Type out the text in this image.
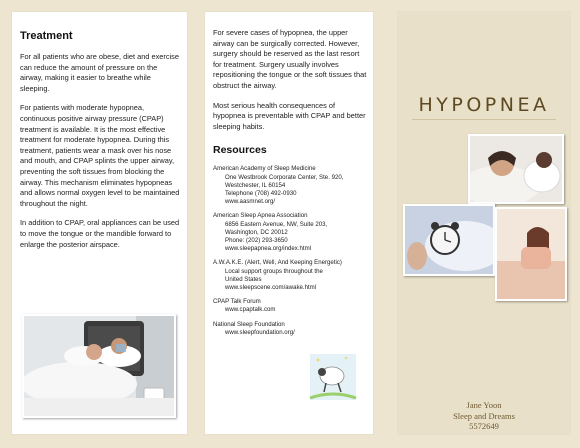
Treatment

For all patients who are obese, diet and exercise can reduce the amount of pressure on the airway, making it easier to breathe while sleeping.

For patients with moderate hypopnea, continuous positive airway pressure (CPAP) treatment is available. It is the most effective treatment for moderate hypopnea. During this treatment, patients wear a mask over his nose and mouth, and CPAP splints the upper airway, preventing the soft tissues from blocking the airway. This mechanism eliminates hypopneas and allows normal oxygen level to be maintained throughout the night.

In addition to CPAP, oral appliances can be used to move the tongue or the mandible forward to enlarge the posterior airspace.

For severe cases of hypopnea, the upper airway can be surgically corrected. However, surgery should be reserved as the last resort for treatment. Surgery usually involves repositioning the tongue or the soft tissues that obstruct the airway.

Most serious health consequences of hypopnea is preventable with CPAP and better sleeping habits.

Resources
American Academy of Sleep Medicine
One Westbrook Corporate Center, Ste. 920,
Westchester, IL 60154
Telephone (708) 492-0930
www.aasmnet.org/
American Sleep Apnea Association
6856 Eastern Avenue, NW, Suite 203,
Washington, DC 20012
Phone: (202) 293-3650
www.sleepapnea.org/index.html
A.W.A.K.E. (Alert, Well, And Keeping Energetic)
Local support groups throughout the
United States
www.sleepscene.com/awake.html
CPAP Talk Forum
www.cpaptalk.com
National Sleep Foundation
www.sleepfoundation.org/
HYPOPNEA
Jane Yoon
Sleep and Dreams
5572649
